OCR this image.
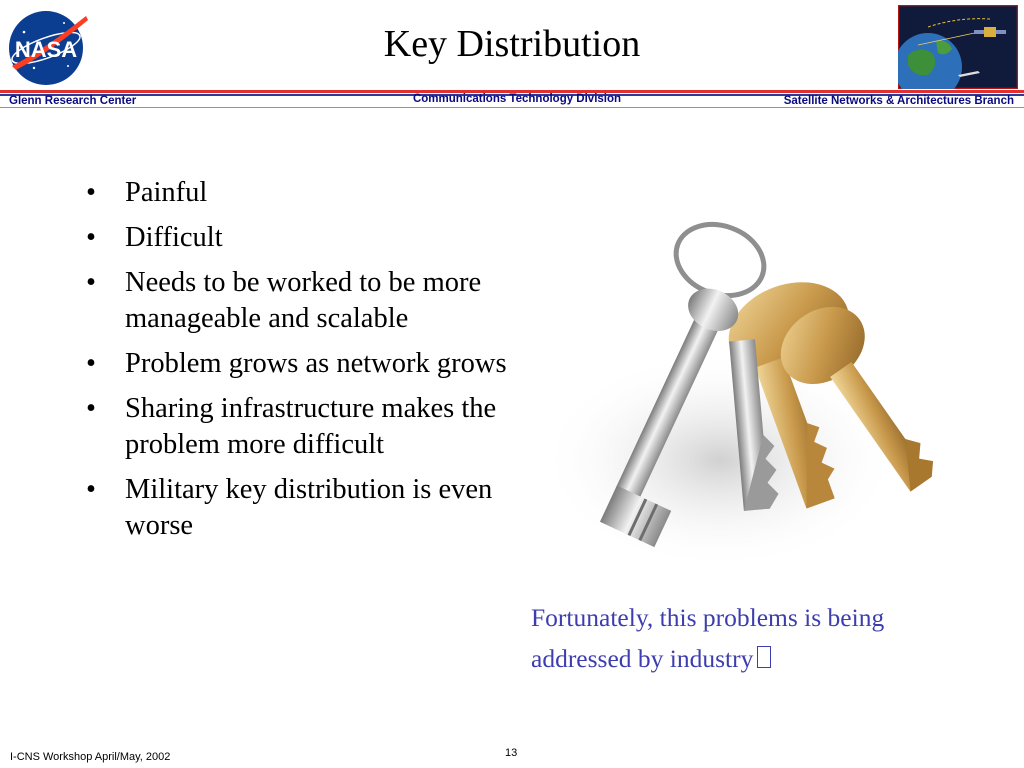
NASA	Key Distribution
Glenn Research Center	Communications Technology Division	Satellite Networks & Architectures Branch
• Painful
• Difficult
• Needs to be worked to be more manageable and scalable
• Problem grows as network grows
• Sharing infrastructure makes the problem more difficult
• Military key distribution is even worse
Fortunately, this problems is being addressed by industry
I-CNS Workshop April/May, 2002	13
